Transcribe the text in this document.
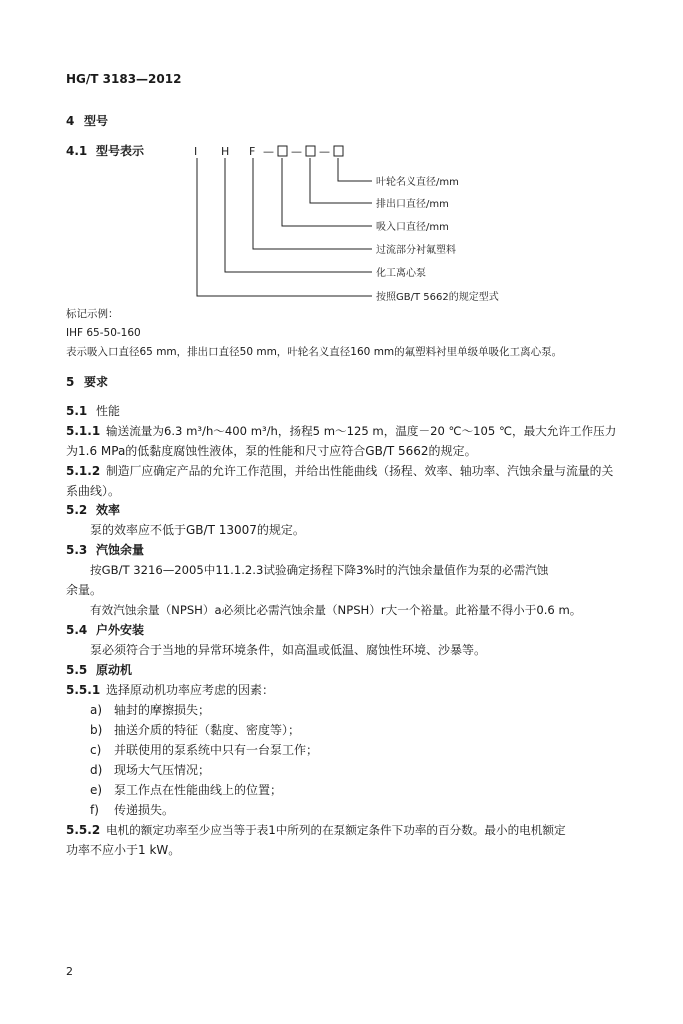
HG/T 3183—2012
4 型号
4.1 型号表示	I H F — — —
叶轮名义直径/mm
排出口直径/mm
吸入口直径/mm
过流部分衬氟塑料
化工离心泵
按照GB/T 5662的规定型式
标记示例：
IHF 65-50-160
表示吸入口直径65 mm，排出口直径50 mm，叶轮名义直径160 mm的氟塑料衬里单级单吸化工离心泵。
5 要求
5.1 性能
5.1.1 输送流量为6.3 m³/h～400 m³/h，扬程5 m～125 m，温度－20 ℃～105 ℃，最大允许工作压力
为1.6 MPa的低黏度腐蚀性液体，泵的性能和尺寸应符合GB/T 5662的规定。
5.1.2 制造厂应确定产品的允许工作范围，并给出性能曲线（扬程、效率、轴功率、汽蚀余量与流量的关
系曲线）。
5.2 效率
泵的效率应不低于GB/T 13007的规定。
5.3 汽蚀余量
按GB/T 3216—2005中11.1.2.3试验确定扬程下降3%时的汽蚀余量值作为泵的必需汽蚀
余量。
有效汽蚀余量（NPSH）a必须比必需汽蚀余量（NPSH）r大一个裕量。此裕量不得小于0.6 m。
5.4 户外安装
泵必须符合于当地的异常环境条件，如高温或低温、腐蚀性环境、沙暴等。
5.5 原动机
5.5.1 选择原动机功率应考虑的因素：
a) 轴封的摩擦损失；
b) 抽送介质的特征（黏度、密度等）；
c) 并联使用的泵系统中只有一台泵工作；
d) 现场大气压情况；
e) 泵工作点在性能曲线上的位置；
f) 传递损失。
5.5.2 电机的额定功率至少应当等于表1中所列的在泵额定条件下功率的百分数。最小的电机额定
功率不应小于1 kW。
2
